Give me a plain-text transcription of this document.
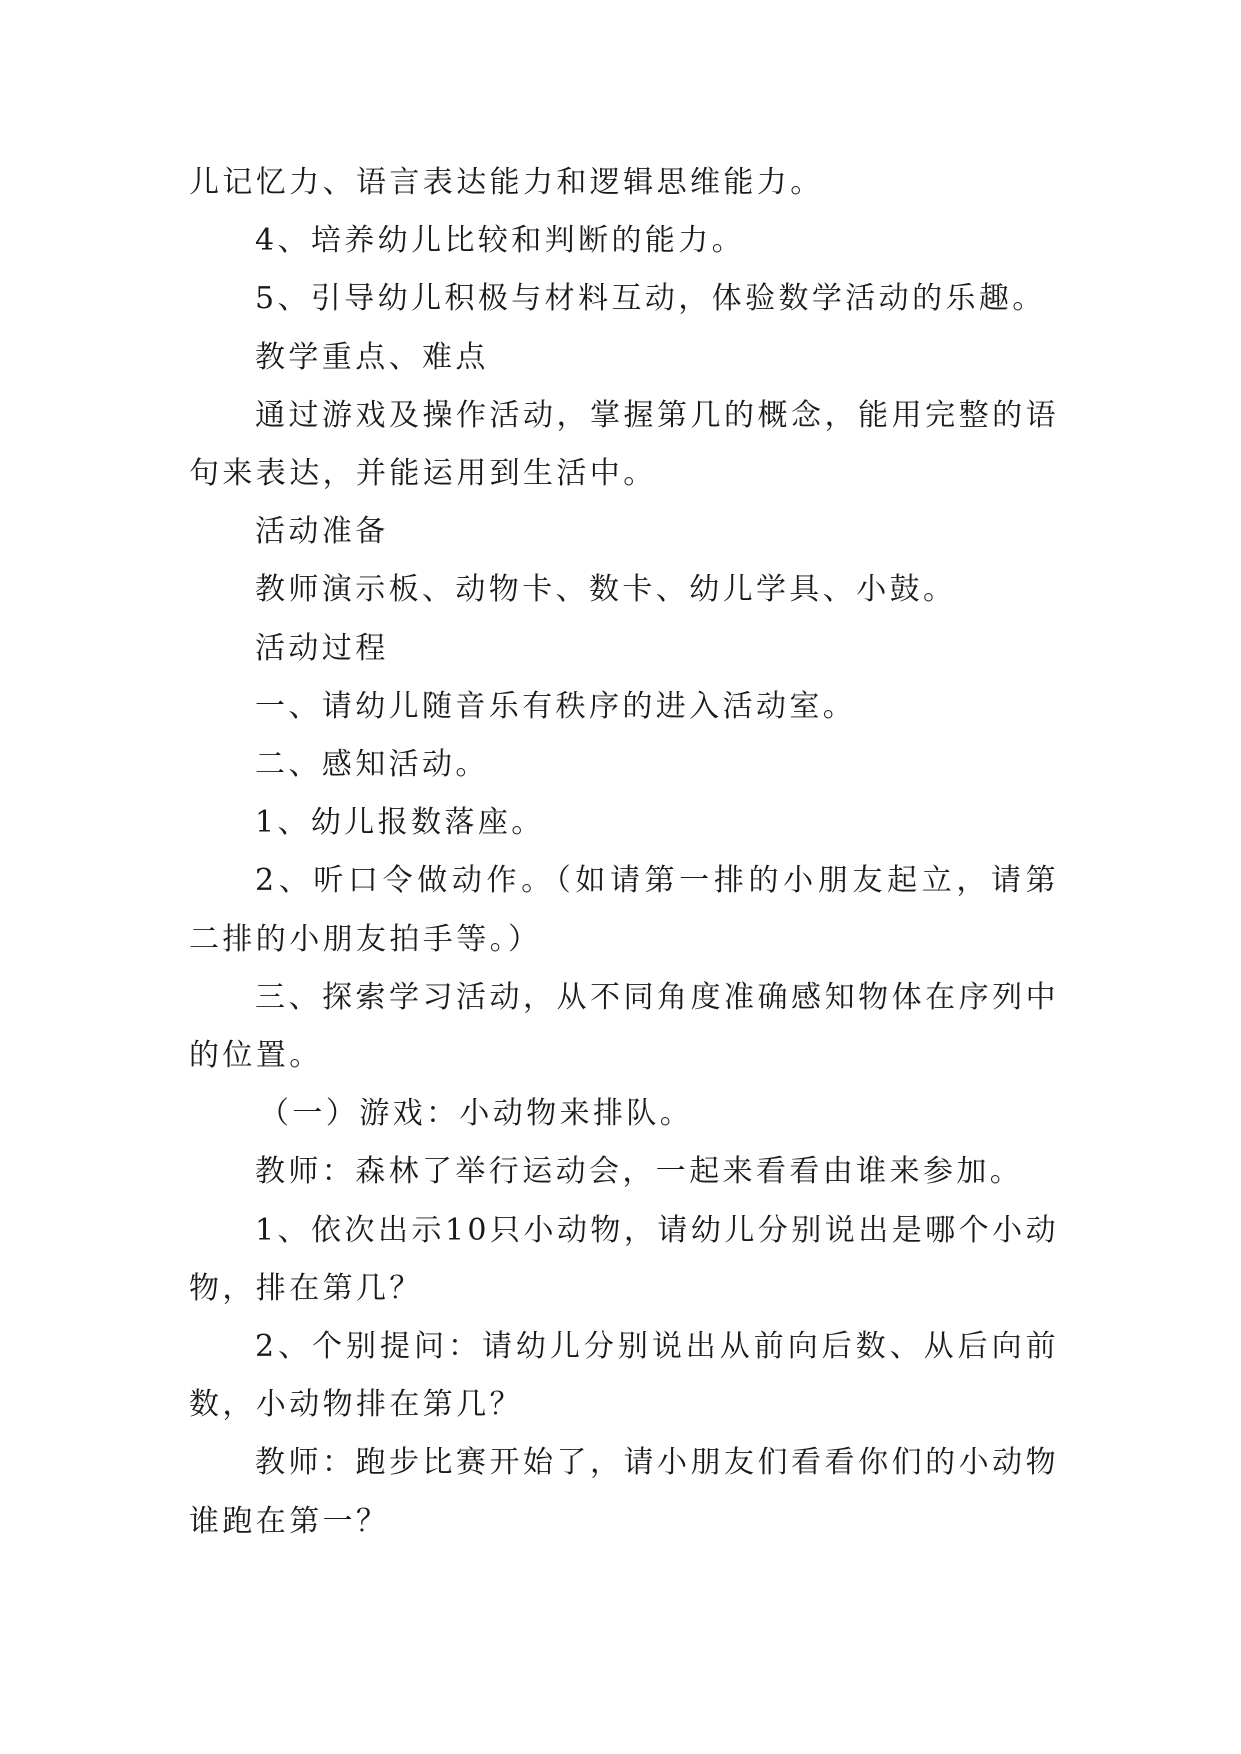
儿记忆力、语言表达能力和逻辑思维能力。

4、培养幼儿比较和判断的能力。

5、引导幼儿积极与材料互动，体验数学活动的乐趣。

教学重点、难点

通过游戏及操作活动，掌握第几的概念，能用完整的语句来表达，并能运用到生活中。

活动准备

教师演示板、动物卡、数卡、幼儿学具、小鼓。

活动过程

一、请幼儿随音乐有秩序的进入活动室。

二、感知活动。

1、幼儿报数落座。

2、听口令做动作。（如请第一排的小朋友起立，请第二排的小朋友拍手等。）

三、探索学习活动，从不同角度准确感知物体在序列中的位置。

（一）游戏：小动物来排队。

教师：森林了举行运动会，一起来看看由谁来参加。

1、依次出示10只小动物，请幼儿分别说出是哪个小动物，排在第几？

2、个别提问：请幼儿分别说出从前向后数、从后向前数，小动物排在第几？

教师：跑步比赛开始了，请小朋友们看看你们的小动物谁跑在第一？
